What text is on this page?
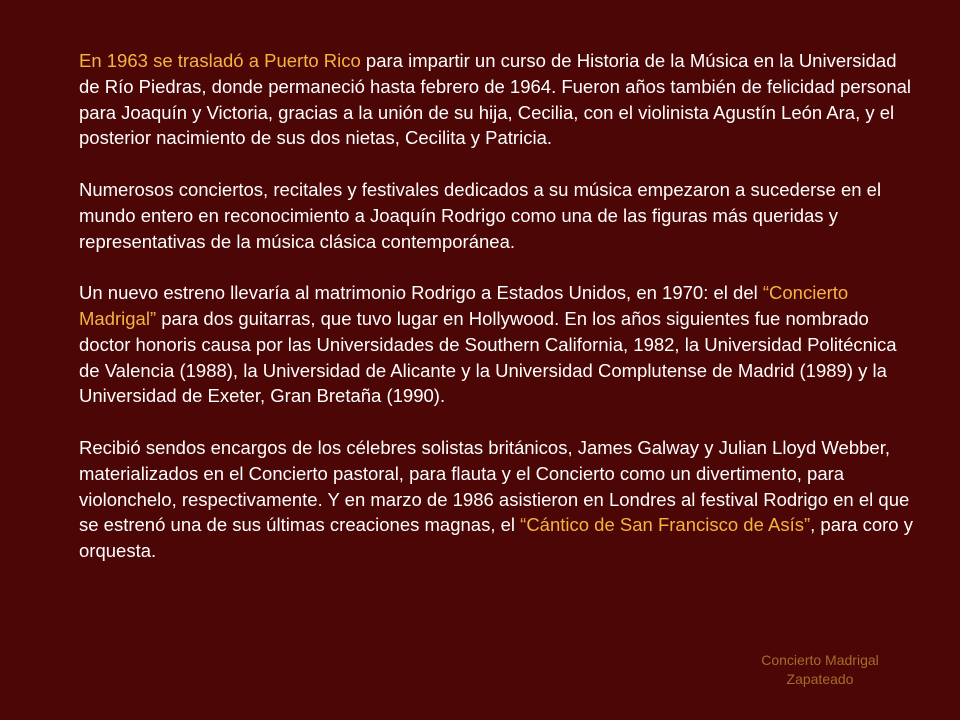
En 1963 se trasladó a Puerto Rico para impartir un curso de Historia de la Música en la Universidad de Río Piedras, donde permaneció hasta febrero de 1964. Fueron años también de felicidad personal para Joaquín y Victoria, gracias a la unión de su hija, Cecilia, con el violinista Agustín León Ara, y el posterior nacimiento de sus dos nietas, Cecilita y Patricia.

Numerosos conciertos, recitales y festivales dedicados a su música empezaron a sucederse en el mundo entero en reconocimiento a Joaquín Rodrigo como una de las figuras más queridas y representativas de la música clásica contemporánea.

Un nuevo estreno llevaría al matrimonio Rodrigo a Estados Unidos, en 1970: el del “Concierto Madrigal” para dos guitarras, que tuvo lugar en Hollywood. En los años siguientes fue nombrado doctor honoris causa por las Universidades de Southern California, 1982, la Universidad Politécnica de Valencia (1988), la Universidad de Alicante y la Universidad Complutense de Madrid (1989) y la Universidad de Exeter, Gran Bretaña (1990).

Recibió sendos encargos de los célebres solistas británicos, James Galway y Julian Lloyd Webber, materializados en el Concierto pastoral, para flauta y el Concierto como un divertimento, para violonchelo, respectivamente. Y en marzo de 1986 asistieron en Londres al festival Rodrigo en el que se estrenó una de sus últimas creaciones magnas, el “Cántico de San Francisco de Asís”, para coro y orquesta.

Concierto Madrigal
Zapateado
